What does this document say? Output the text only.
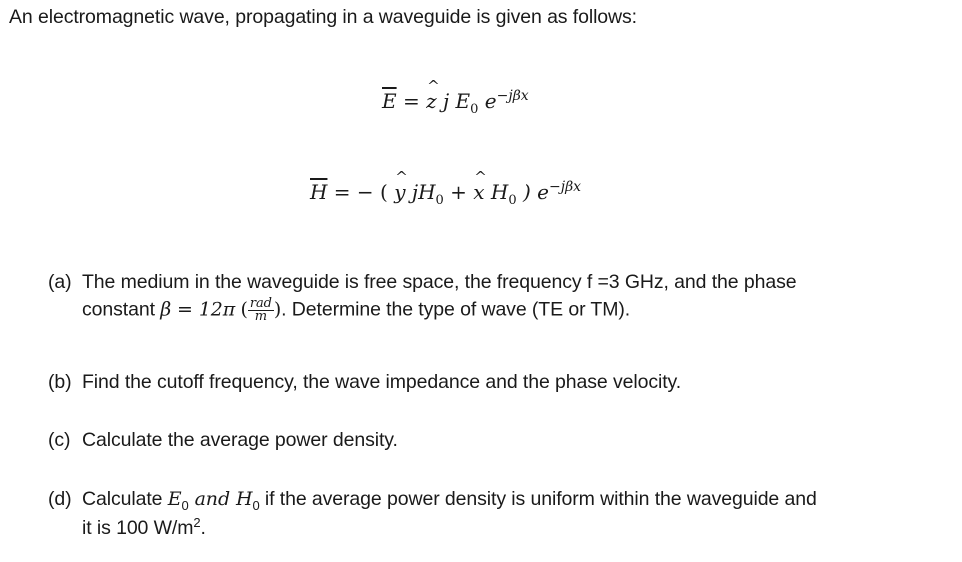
An electromagnetic wave, propagating in a waveguide is given as follows:
$\overline{E}$ = ^ z j $E_0$ $e^{-j\beta x}$
$\overline{H}$ = − ( ^ y $jH_0$ + ^ x $H_0$ ) $e^{-j\beta x}$
(a) The medium in the waveguide is free space, the frequency f =3 GHz, and the phase
constant β = 12π ( $\frac{\text{rad}}{m}$ ). Determine the type of wave (TE or TM).
(b) Find the cutoff frequency, the wave impedance and the phase velocity.
(c) Calculate the average power density.
(d) Calculate $E_0$ and $H_0$ if the average power density is uniform within the waveguide and
it is 100 $W/m^2$.
